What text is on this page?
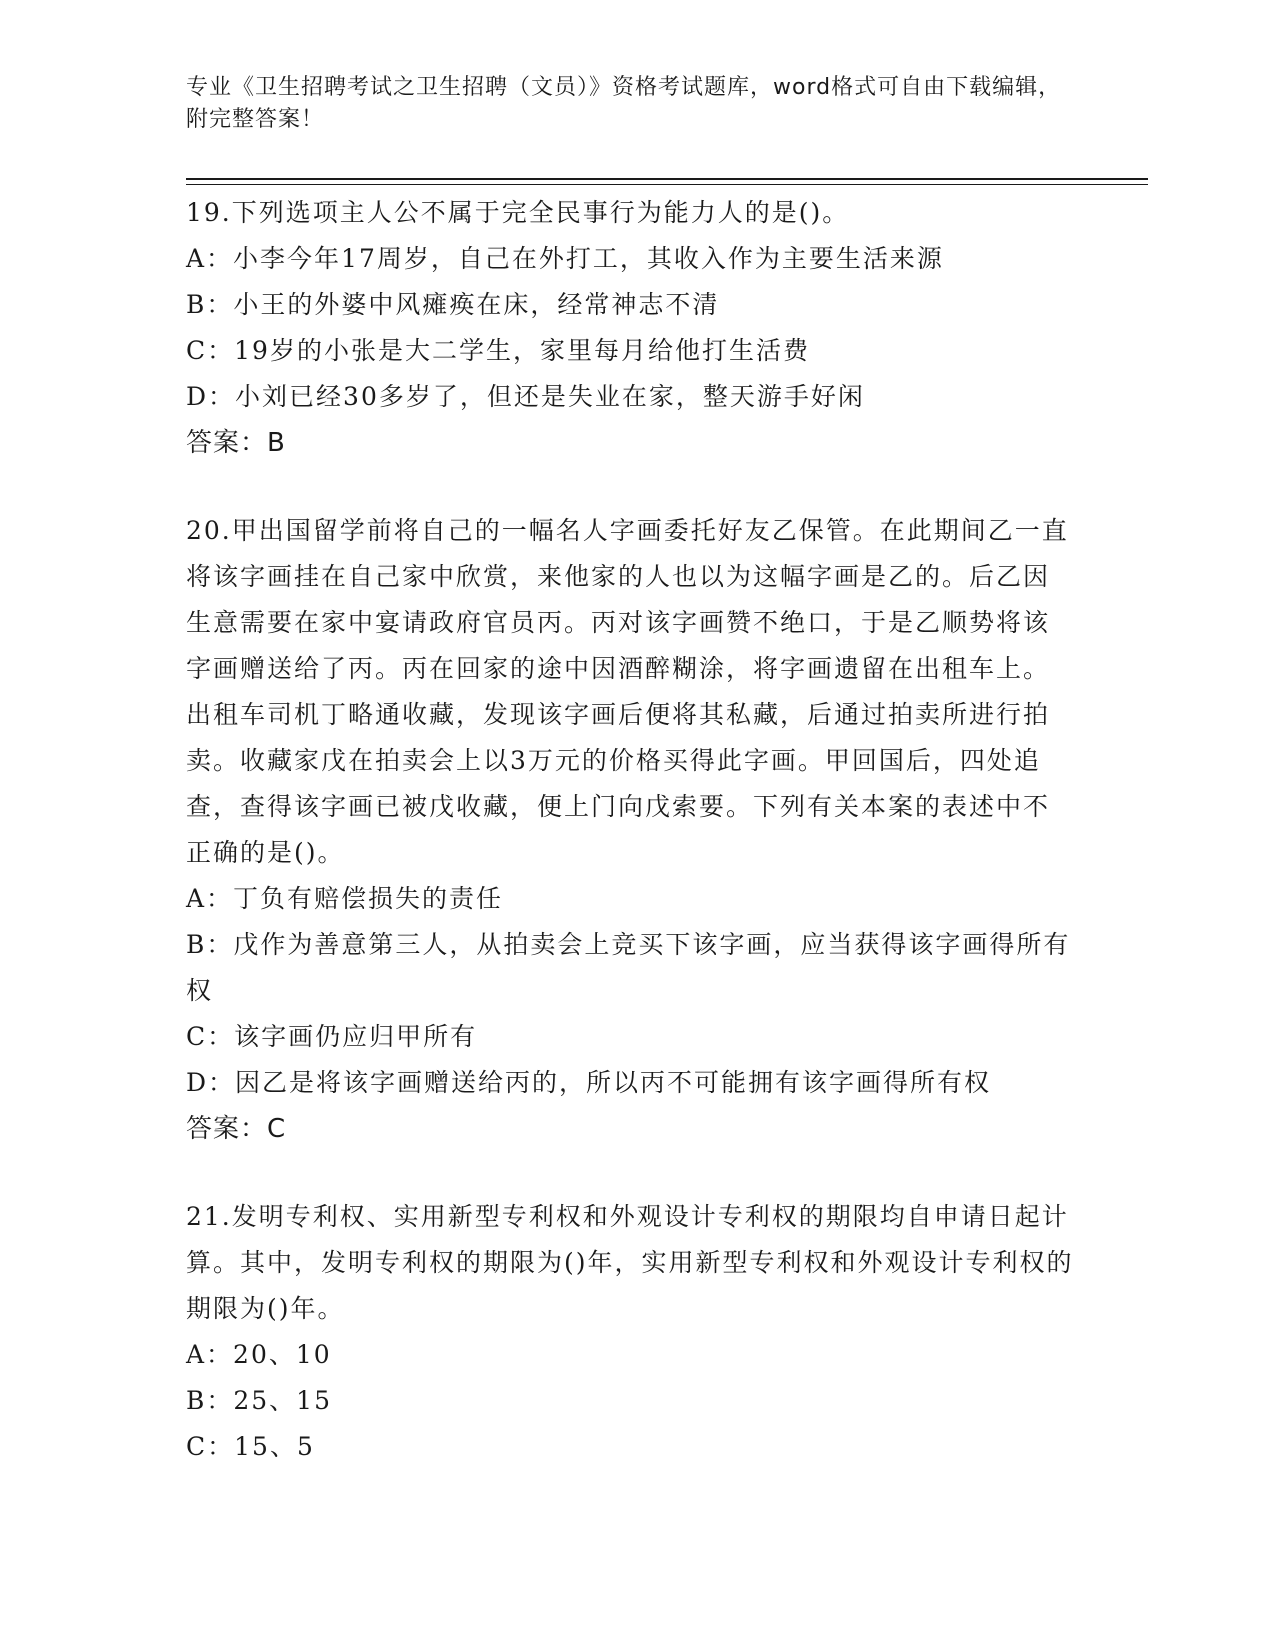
专业《卫生招聘考试之卫生招聘（文员）》资格考试题库，word格式可自由下载编辑，附完整答案！

19.下列选项主人公不属于完全民事行为能力人的是()。

A：小李今年17周岁，自己在外打工，其收入作为主要生活来源

B：小王的外婆中风瘫痪在床，经常神志不清

C：19岁的小张是大二学生，家里每月给他打生活费

D：小刘已经30多岁了，但还是失业在家，整天游手好闲

答案：B

20.甲出国留学前将自己的一幅名人字画委托好友乙保管。在此期间乙一直将该字画挂在自己家中欣赏，来他家的人也以为这幅字画是乙的。后乙因生意需要在家中宴请政府官员丙。丙对该字画赞不绝口，于是乙顺势将该字画赠送给了丙。丙在回家的途中因酒醉糊涂，将字画遗留在出租车上。出租车司机丁略通收藏，发现该字画后便将其私藏，后通过拍卖所进行拍卖。收藏家戊在拍卖会上以3万元的价格买得此字画。甲回国后，四处追查，查得该字画已被戊收藏，便上门向戊索要。下列有关本案的表述中不正确的是()。

A：丁负有赔偿损失的责任

B：戊作为善意第三人，从拍卖会上竞买下该字画，应当获得该字画得所有权

C：该字画仍应归甲所有

D：因乙是将该字画赠送给丙的，所以丙不可能拥有该字画得所有权

答案：C

21.发明专利权、实用新型专利权和外观设计专利权的期限均自申请日起计算。其中，发明专利权的期限为()年，实用新型专利权和外观设计专利权的期限为()年。

A：20、10

B：25、15

C：15、5
